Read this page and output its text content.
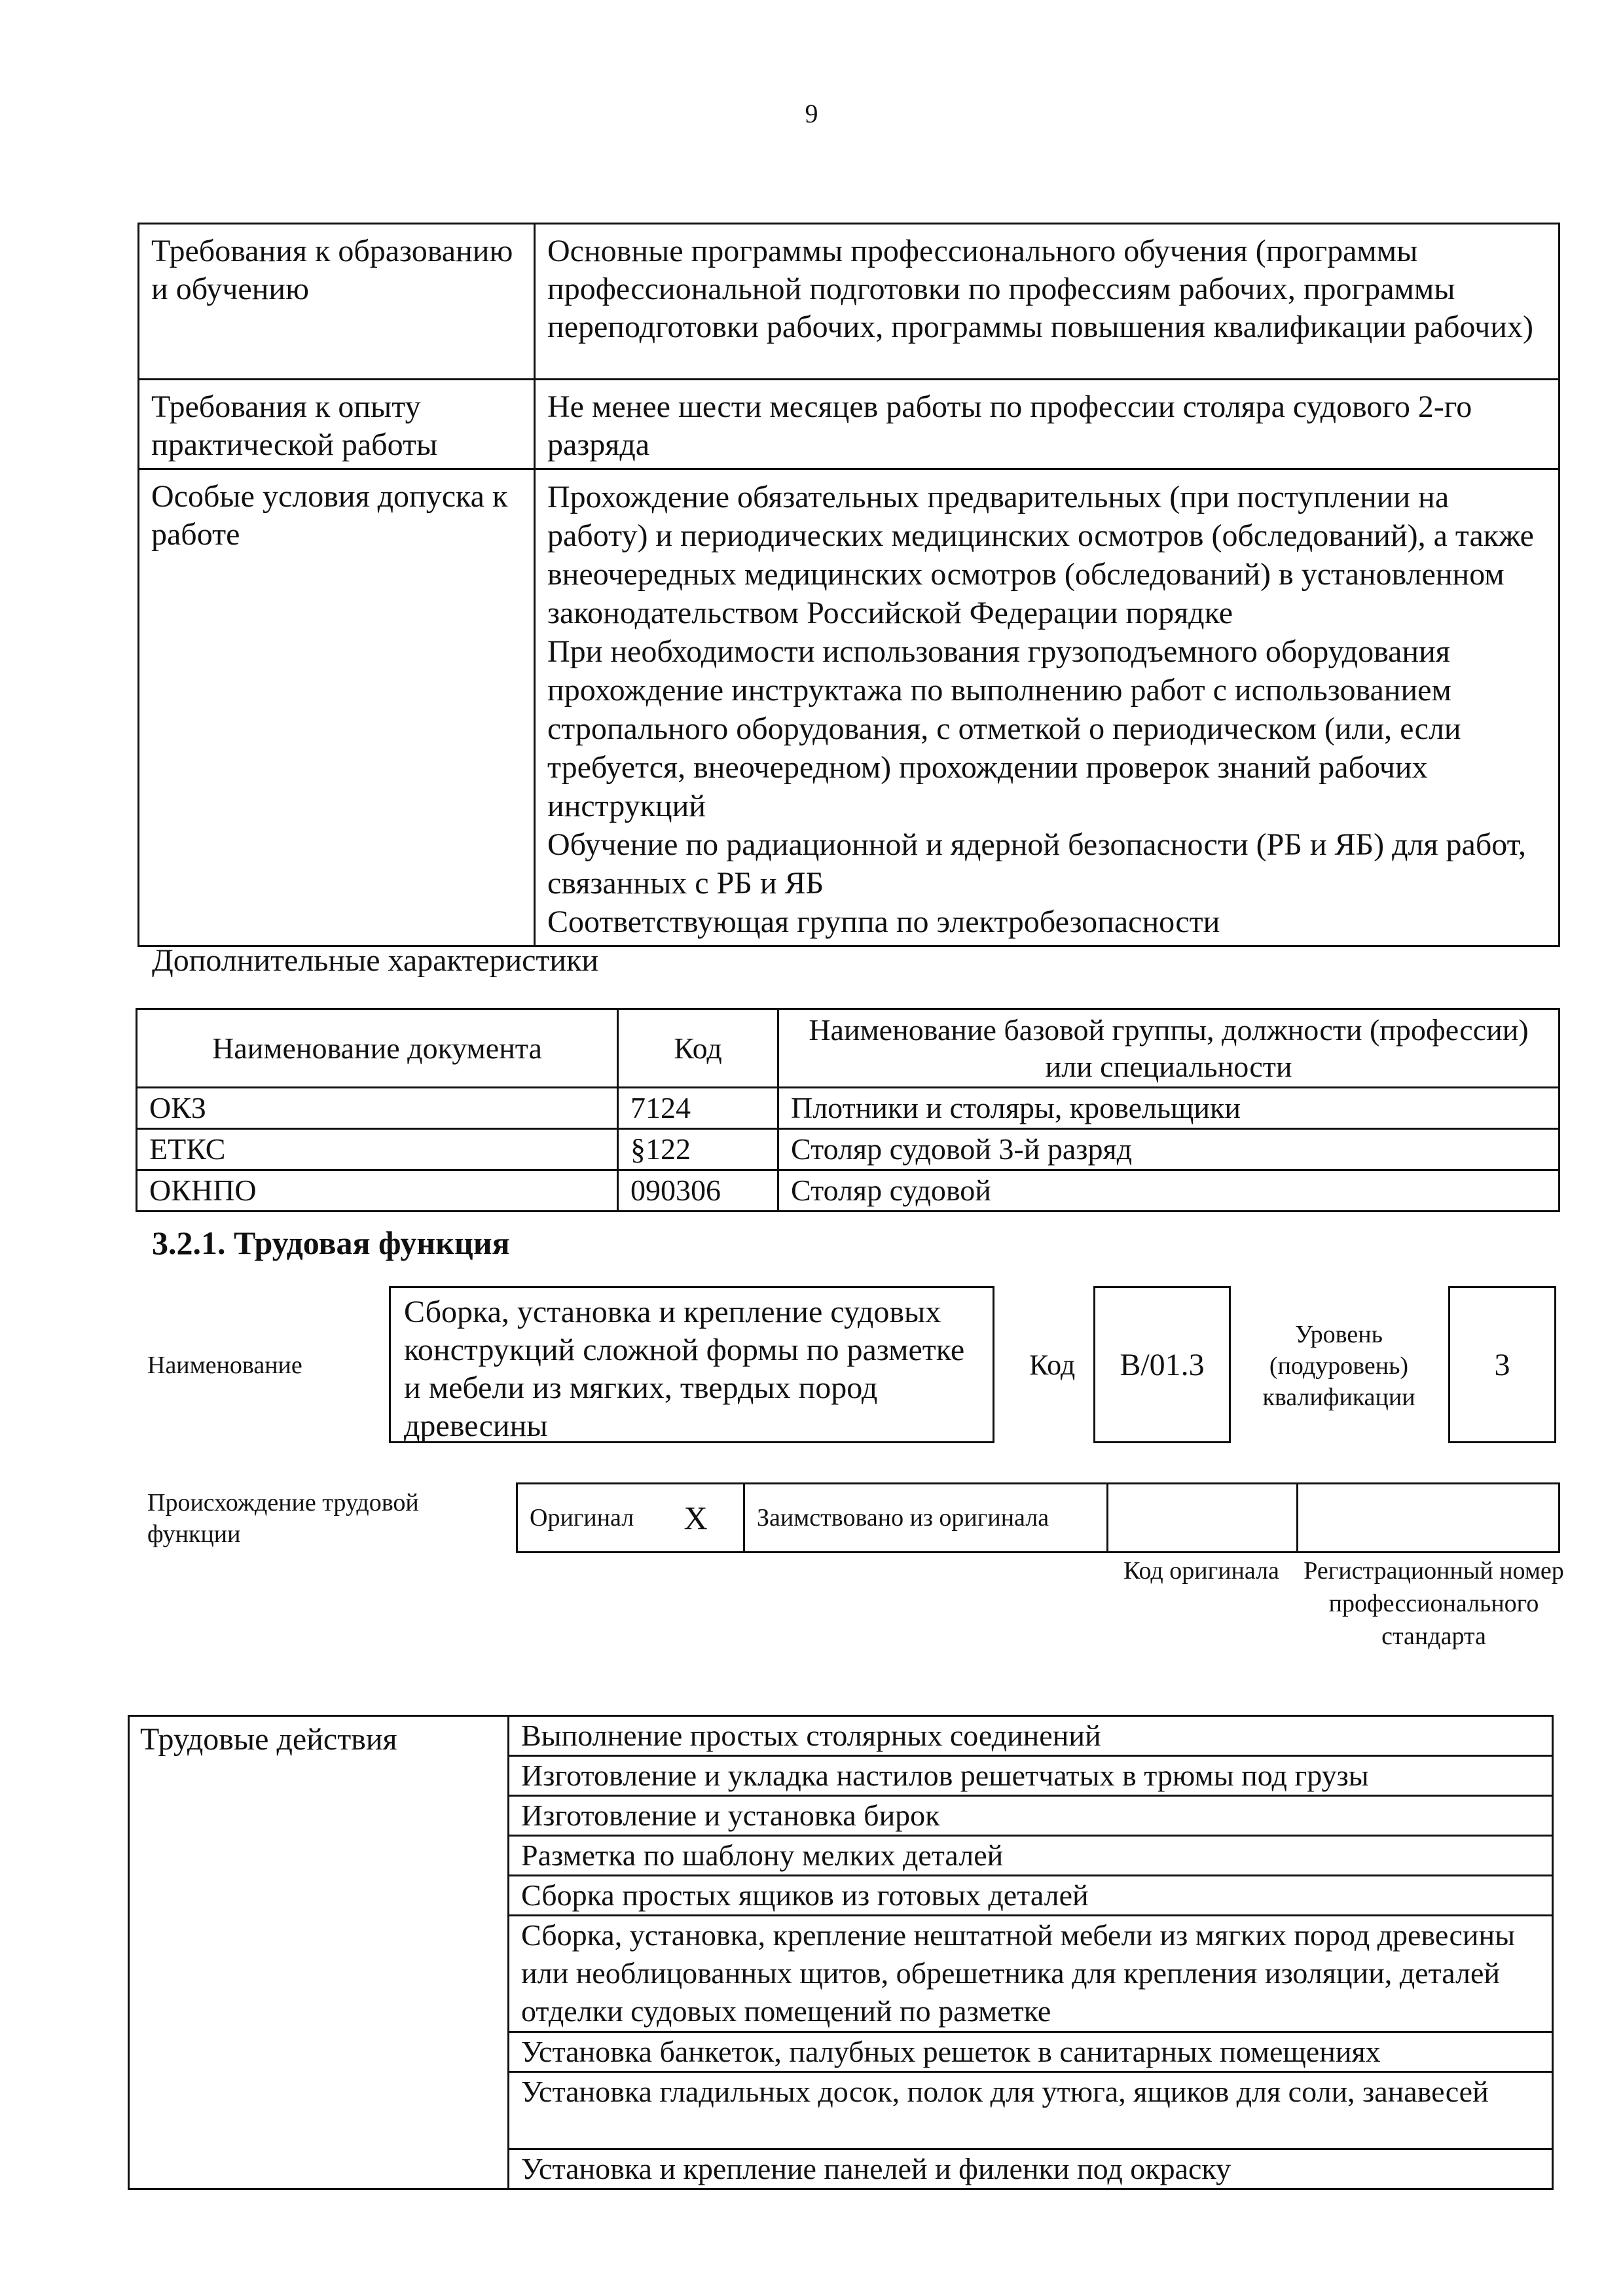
9
Требования к образованию и обучению	Основные программы профессионального обучения (программы профессиональной подготовки по профессиям рабочих, программы переподготовки рабочих, программы повышения квалификации рабочих)
Требования к опыту практической работы	Не менее шести месяцев работы по профессии столяра судового 2-го разряда
Особые условия допуска к работе	Прохождение обязательных предварительных (при поступлении на работу) и периодических медицинских осмотров (обследований), а также внеочередных медицинских осмотров (обследований) в установленном законодательством Российской Федерации порядке
При необходимости использования грузоподъемного оборудования прохождение инструктажа по выполнению работ с использованием стропального оборудования, с отметкой о периодическом (или, если требуется, внеочередном) прохождении проверок знаний рабочих инструкций
Обучение по радиационной и ядерной безопасности (РБ и ЯБ) для работ, связанных с РБ и ЯБ
Соответствующая группа по электробезопасности
Дополнительные характеристики
Наименование документа	Код	Наименование базовой группы, должности (профессии) или специальности
ОКЗ	7124	Плотники и столяры, кровельщики
ЕТКС	§122	Столяр судовой 3-й разряд
ОКНПО	090306	Столяр судовой
3.2.1. Трудовая функция
Наименование
Сборка, установка и крепление судовых конструкций сложной формы по разметке и мебели из мягких, твердых пород древесины
Код	B/01.3
Уровень (подуровень) квалификации
3
Происхождение трудовой функции
Оригинал	X	Заимствовано из оригинала		
Код оригинала Регистрационный номер профессионального стандарта
Трудовые действия	Выполнение простых столярных соединений
Изготовление и укладка настилов решетчатых в трюмы под грузы
Изготовление и установка бирок
Разметка по шаблону мелких деталей
Сборка простых ящиков из готовых деталей
Сборка, установка, крепление нештатной мебели из мягких пород древесины или необлицованных щитов, обрешетника для крепления изоляции, деталей отделки судовых помещений по разметке
Установка банкеток, палубных решеток в санитарных помещениях
Установка гладильных досок, полок для утюга, ящиков для соли, занавесей
Установка и крепление панелей и филенки под окраску
